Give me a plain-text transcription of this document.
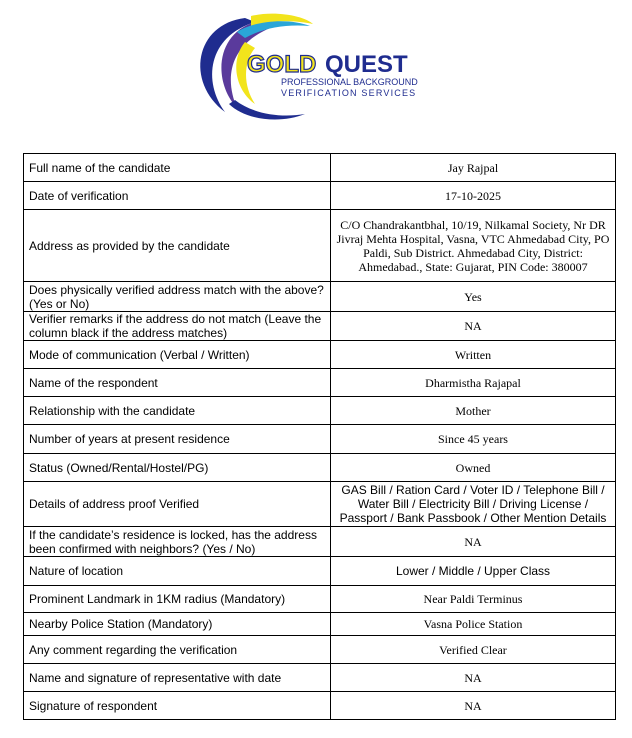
GOLD QUEST
PROFESSIONAL BACKGROUND
VERIFICATION SERVICES
Full name of the candidate	Jay Rajpal
Date of verification	17-10-2025
Address as provided by the candidate	C/O Chandrakantbhal, 10/19, Nilkamal Society, Nr DR Jivraj Mehta Hospital, Vasna, VTC Ahmedabad City, PO Paldi, Sub District. Ahmedabad City, District: Ahmedabad., State: Gujarat, PIN Code: 380007
Does physically verified address match with the above? (Yes or No)	Yes
Verifier remarks if the address do not match (Leave the column black if the address matches)	NA
Mode of communication (Verbal / Written)	Written
Name of the respondent	Dharmistha Rajapal
Relationship with the candidate	Mother
Number of years at present residence	Since 45 years
Status (Owned/Rental/Hostel/PG)	Owned
Details of address proof Verified	GAS Bill / Ration Card / Voter ID / Telephone Bill / Water Bill / Electricity Bill / Driving License / Passport / Bank Passbook / Other Mention Details
If the candidate’s residence is locked, has the address been confirmed with neighbors? (Yes / No)	NA
Nature of location	Lower / Middle / Upper Class
Prominent Landmark in 1KM radius (Mandatory)	Near Paldi Terminus
Nearby Police Station (Mandatory)	Vasna Police Station
Any comment regarding the verification	Verified Clear
Name and signature of representative with date	NA
Signature of respondent	NA
